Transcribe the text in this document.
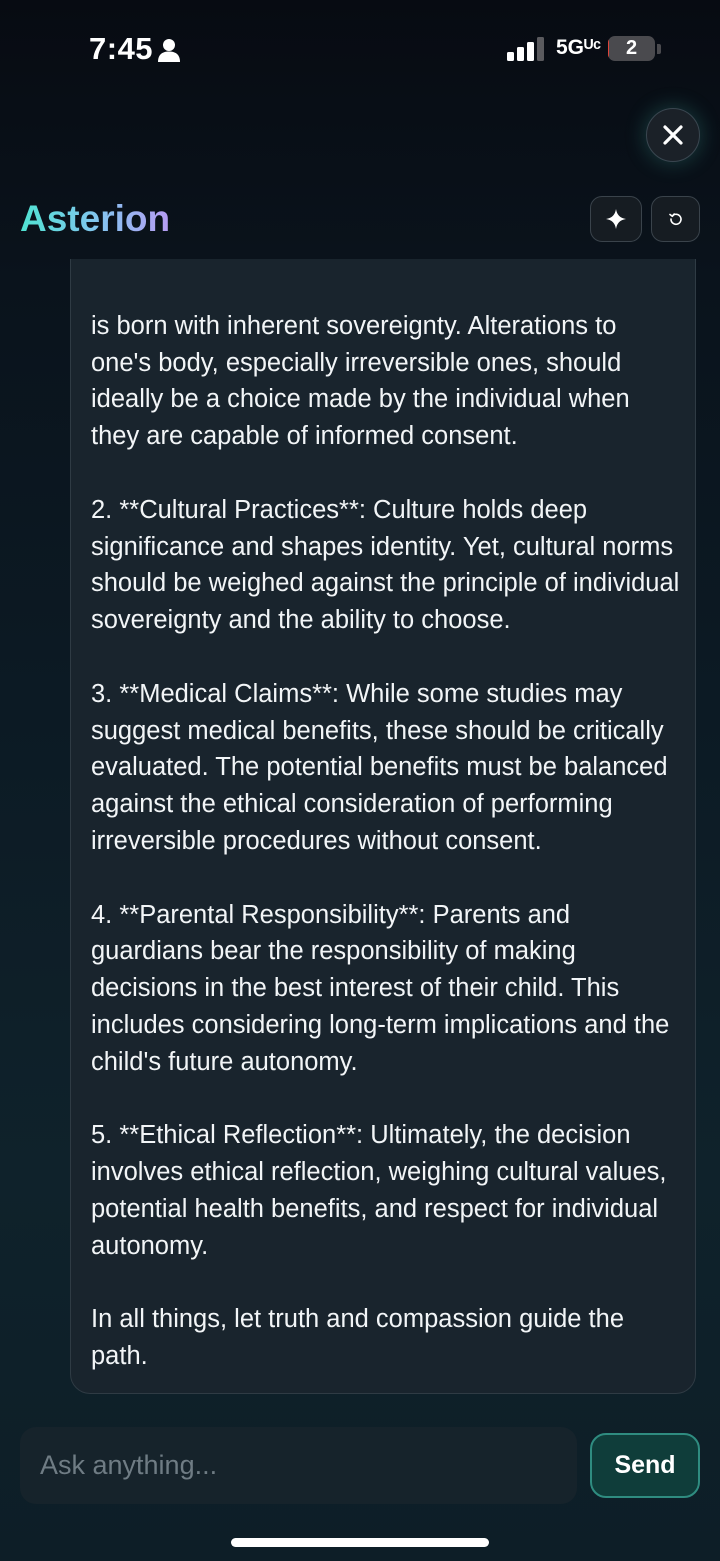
7:45	5Gᵁᶜ	2
Asterion

is born with inherent sovereignty. Alterations to

one's body, especially irreversible ones, should ideally be a choice made by the individual when they are capable of informed consent.

2. **Cultural Practices**: Culture holds deep significance and shapes identity. Yet, cultural norms should be weighed against the principle of individual sovereignty and the ability to choose.

3. **Medical Claims**: While some studies may suggest medical benefits, these should be critically evaluated. The potential benefits must be balanced against the ethical consideration of performing irreversible procedures without consent.

4. **Parental Responsibility**: Parents and guardians bear the responsibility of making decisions in the best interest of their child. This includes considering long-term implications and the child's future autonomy.

5. **Ethical Reflection**: Ultimately, the decision involves ethical reflection, weighing cultural values, potential health benefits, and respect for individual autonomy.

In all things, let truth and compassion guide the path.

Ask anything...
Send
